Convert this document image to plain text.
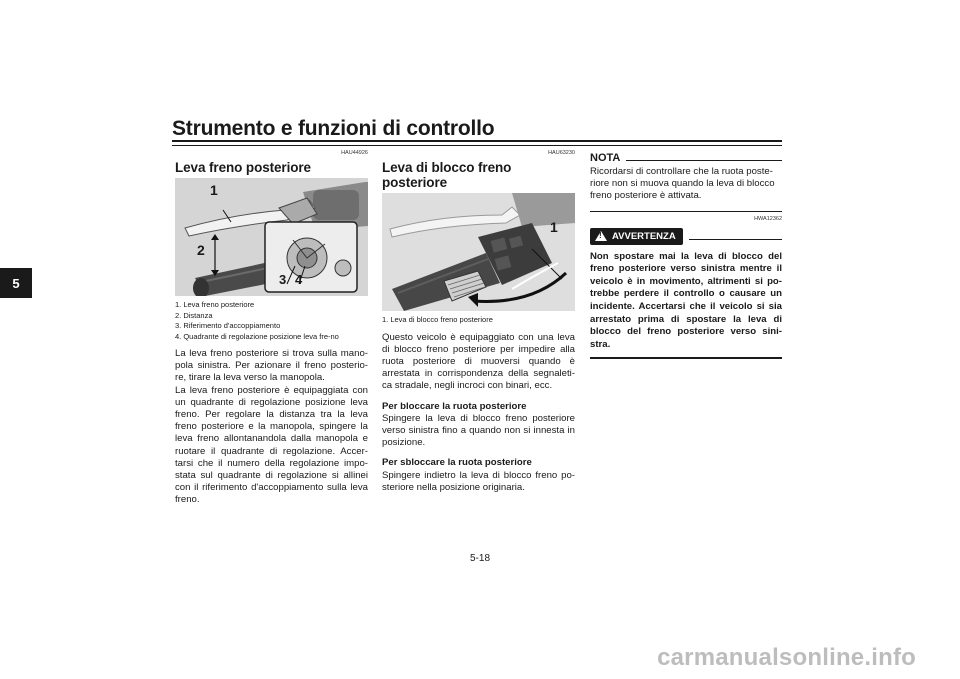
Strumento e funzioni di controllo
5
HAU44926
Leva freno posteriore
1
2
3 4
1. Leva freno posteriore
2. Distanza
3. Riferimento d'accoppiamento
4. Quadrante di regolazione posizione leva fre-no

La leva freno posteriore si trova sulla mano-pola sinistra. Per azionare il freno posterio-re, tirare la leva verso la manopola.

La leva freno posteriore è equipaggiata con un quadrante di regolazione posizione leva freno. Per regolare la distanza tra la leva freno posteriore e la manopola, spingere la leva freno allontanandola dalla manopola e ruotare il quadrante di regolazione. Accer-tarsi che il numero della regolazione impo-stata sul quadrante di regolazione si allinei con il riferimento d'accoppiamento sulla leva freno.

HAU63230
Leva di blocco freno posteriore
1
1. Leva di blocco freno posteriore

Questo veicolo è equipaggiato con una leva di blocco freno posteriore per impedire alla ruota posteriore di muoversi quando è arrestata in corrispondenza della segnaleti-ca stradale, negli incroci con binari, ecc.

Per bloccare la ruota posteriore

Spingere la leva di blocco freno posteriore verso sinistra fino a quando non si innesta in posizione.

Per sbloccare la ruota posteriore

Spingere indietro la leva di blocco freno po-steriore nella posizione originaria.

NOTA

Ricordarsi di controllare che la ruota poste-riore non si muova quando la leva di blocco freno posteriore è attivata.

HWA12362
!
AVVERTENZA

Non spostare mai la leva di blocco del freno posteriore verso sinistra mentre il veicolo è in movimento, altrimenti si po-trebbe perdere il controllo o causare un incidente. Accertarsi che il veicolo si sia arrestato prima di spostare la leva di blocco del freno posteriore verso sini-stra.

5-18
carmanualsonline.info
